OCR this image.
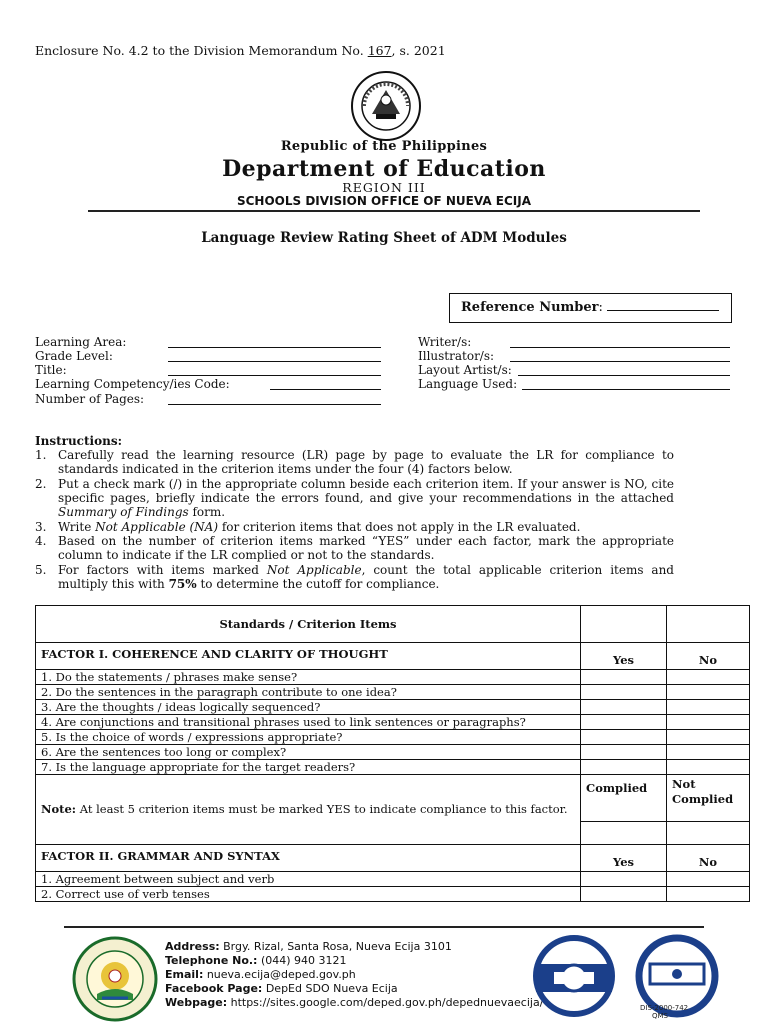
Enclosure No. 4.2 to the Division Memorandum No. 167, s. 2021
Republic of the Philippines
Department of Education
REGION III
SCHOOLS DIVISION OFFICE OF NUEVA ECIJA
Language Review Rating Sheet of ADM Modules
Reference Number:
Learning Area:
Grade Level:
Title:
Learning Competency/ies Code:
Number of Pages:
Writer/s:
Illustrator/s:
Layout Artist/s:
Language Used:
Instructions:
1. Carefully read the learning resource (LR) page by page to evaluate the LR for compliance to standards indicated in the criterion items under the four (4) factors below.
2. Put a check mark (/) in the appropriate column beside each criterion item. If your answer is NO, cite specific pages, briefly indicate the errors found, and give your recommendations in the attached Summary of Findings form.
3. Write Not Applicable (NA) for criterion items that does not apply in the LR evaluated.
4. Based on the number of criterion items marked “YES” under each factor, mark the appropriate column to indicate if the LR complied or not to the standards.
5. For factors with items marked Not Applicable, count the total applicable criterion items and multiply this with 75% to determine the cutoff for compliance.
Standards / Criterion Items		
FACTOR I. COHERENCE AND CLARITY OF THOUGHT	Yes	No
1. Do the statements / phrases make sense?		
2. Do the sentences in the paragraph contribute to one idea?		
3. Are the thoughts / ideas logically sequenced?		
4. Are conjunctions and transitional phrases used to link sentences or paragraphs?		
5. Is the choice of words / expressions appropriate?		
6. Are the sentences too long or complex?		
7. Is the language appropriate for the target readers?		
Note: At least 5 criterion items must be marked YES to indicate compliance to this factor.	Complied	Not Complied

FACTOR II. GRAMMAR AND SYNTAX	Yes	No
1. Agreement between subject and verb		
2. Correct use of verb tenses		
Address: Brgy. Rizal, Santa Rosa, Nueva Ecija 3101
Telephone No.: (044) 940 3121
Email: nueva.ecija@deped.gov.ph
Facebook Page: DepEd SDO Nueva Ecija
Webpage: https://sites.google.com/deped.gov.ph/depednuevaecija/	DIS-2000-742
QMS
